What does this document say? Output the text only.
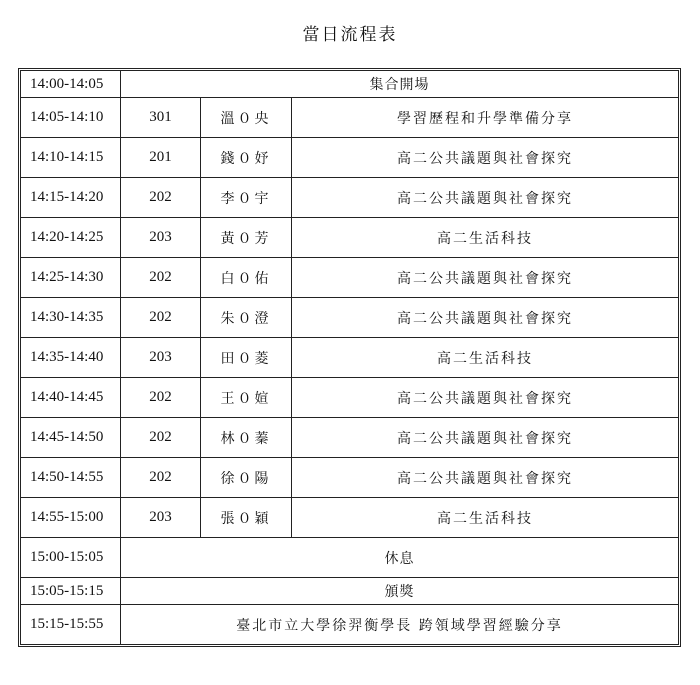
當日流程表
14:00-14:05	集合開場		
14:05-14:10	301	溫０央	學習歷程和升學準備分享
14:10-14:15	201	錢０妤	高二公共議題與社會探究
14:15-14:20	202	李０宇	高二公共議題與社會探究
14:20-14:25	203	黃０芳	高二生活科技
14:25-14:30	202	白０佑	高二公共議題與社會探究
14:30-14:35	202	朱０澄	高二公共議題與社會探究
14:35-14:40	203	田０菱	高二生活科技
14:40-14:45	202	王０媗	高二公共議題與社會探究
14:45-14:50	202	林０蓁	高二公共議題與社會探究
14:50-14:55	202	徐０陽	高二公共議題與社會探究
14:55-15:00	203	張０穎	高二生活科技
15:00-15:05	休息		
15:05-15:15	頒獎		
15:15-15:55	臺北市立大學徐羿衡學長 跨領域學習經驗分享		
